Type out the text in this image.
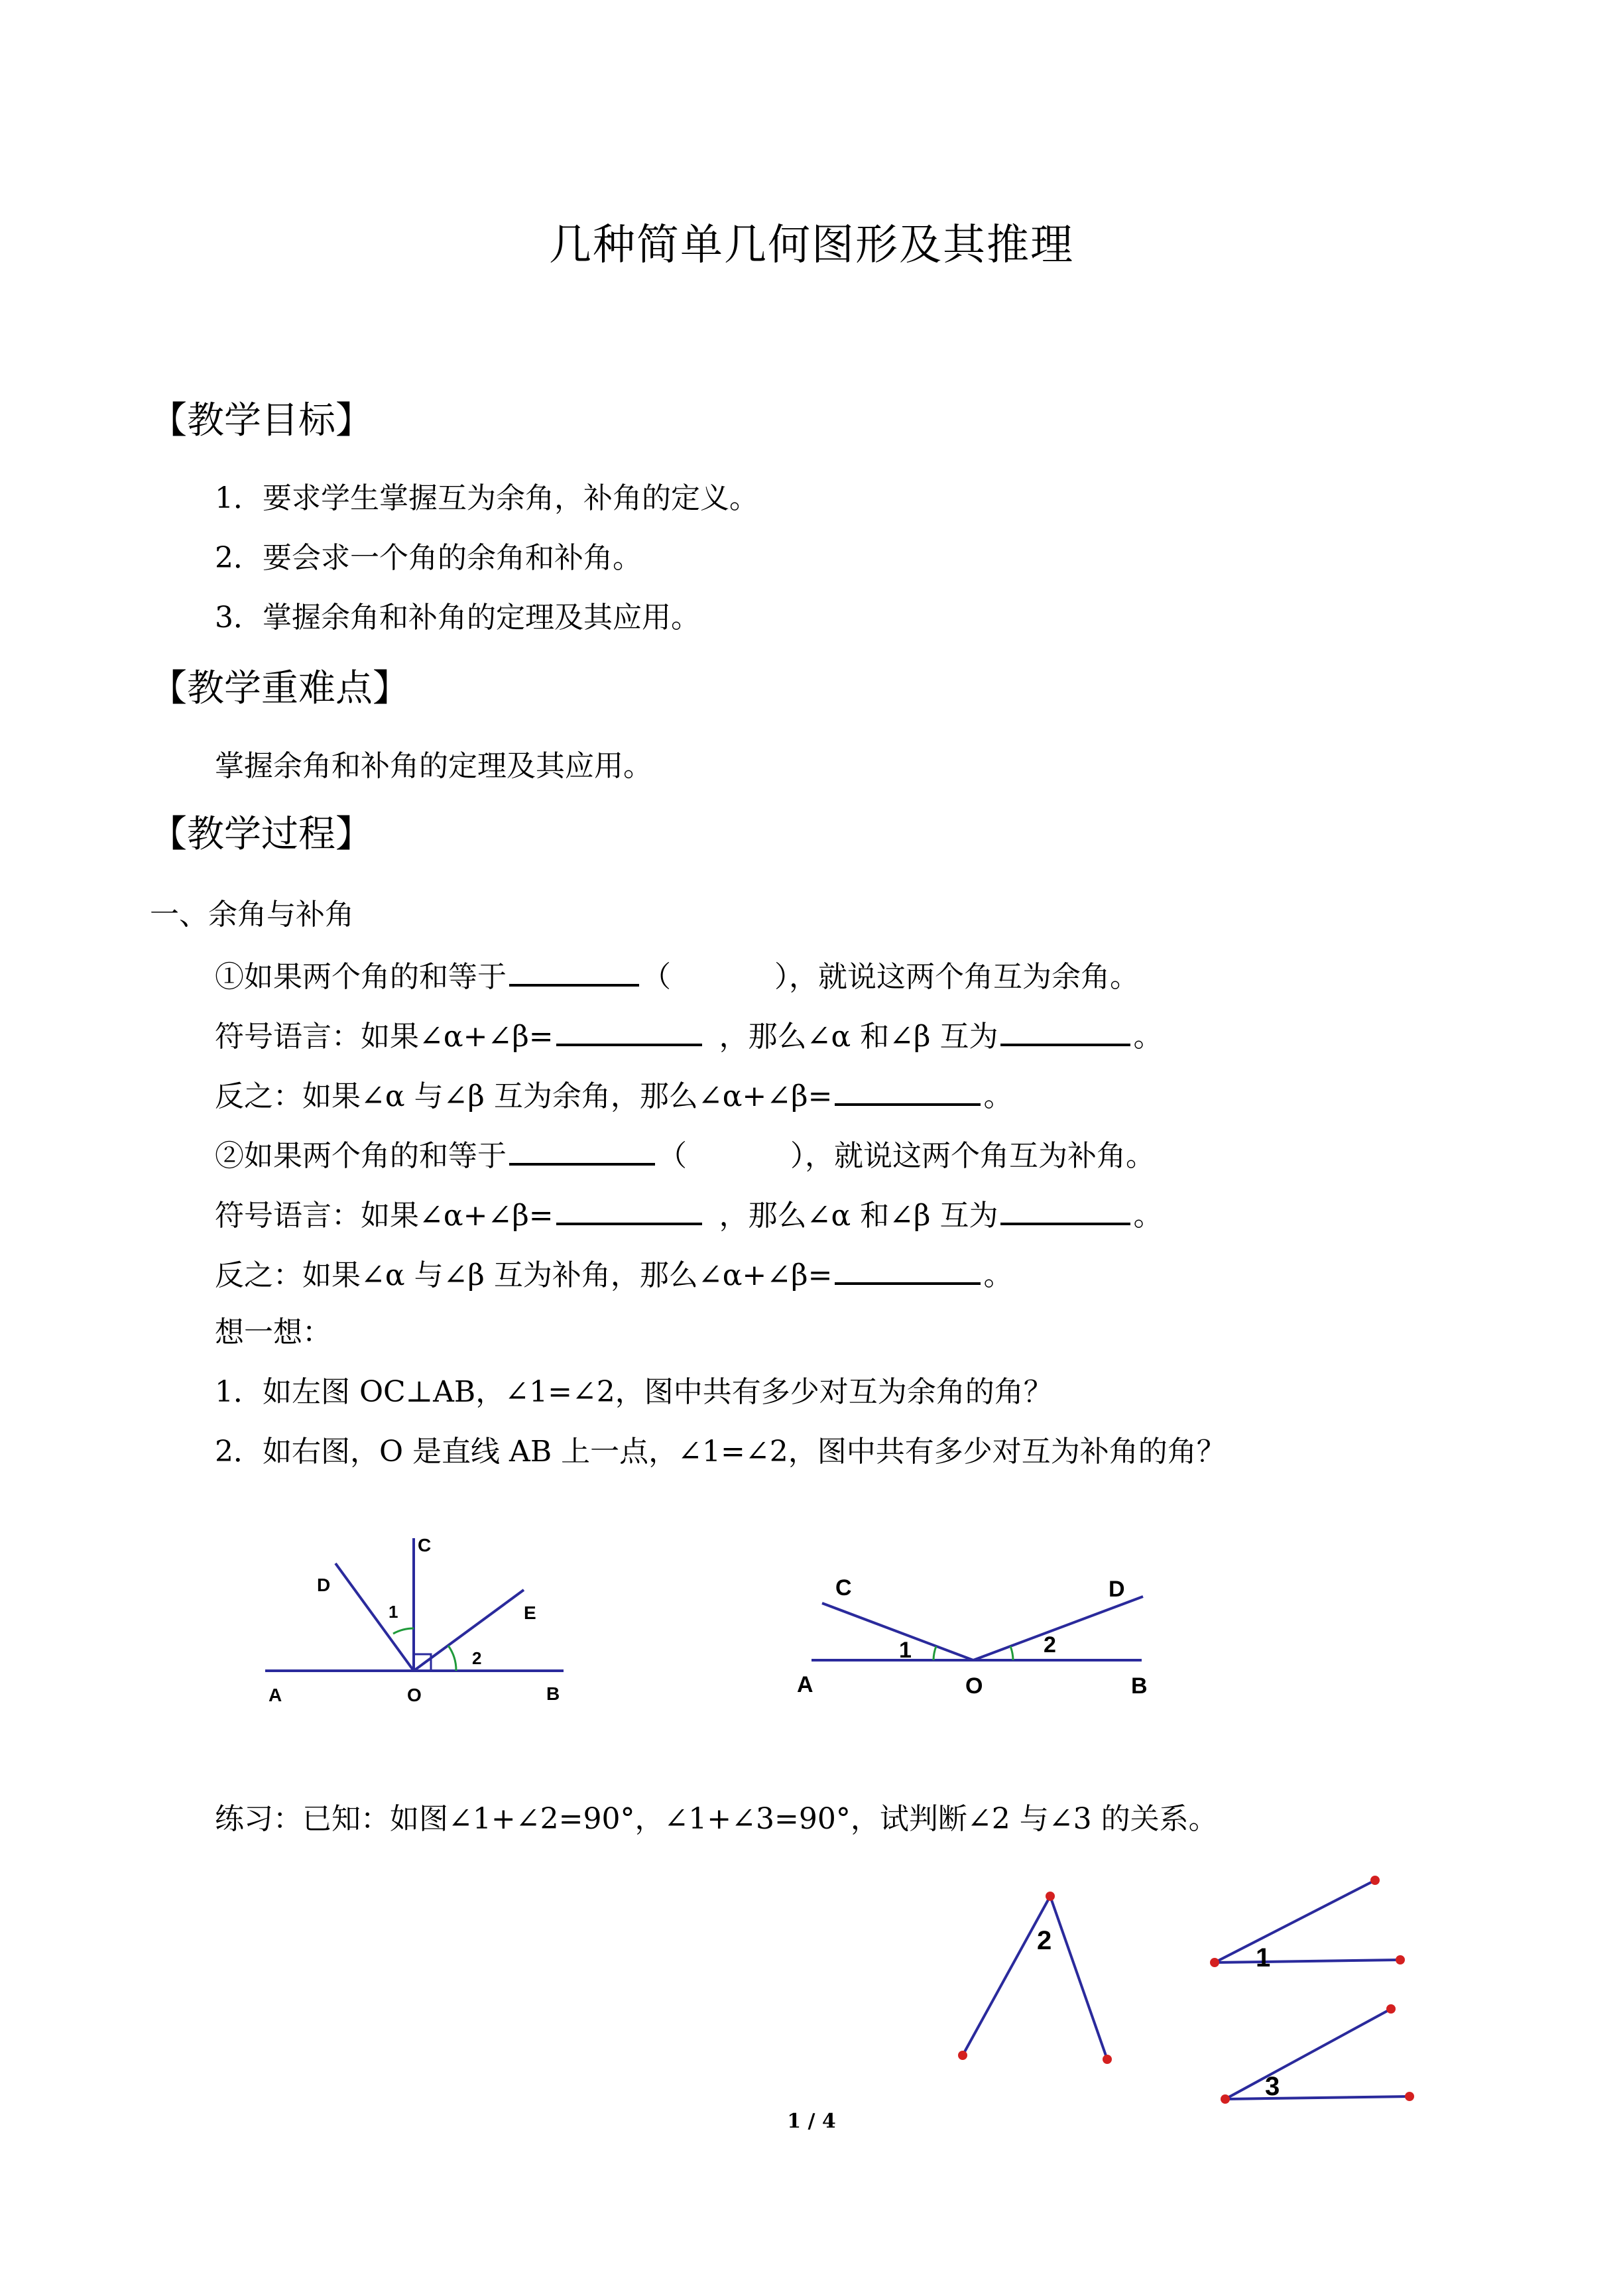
几种简单几何图形及其推理
【教学目标】
1．要求学生掌握互为余角，补角的定义。
2．要会求一个角的余角和补角。
3．掌握余角和补角的定理及其应用。
【教学重难点】
掌握余角和补角的定理及其应用。
【教学过程】
一、余角与补角
①如果两个角的和等于	（	），就说这两个角互为余角。
符号语言：如果∠α+∠β=	，那么∠α 和∠β 互为	。
反之：如果∠α 与∠β 互为余角，那么∠α+∠β=	。
②如果两个角的和等于	（	），就说这两个角互为补角。
符号语言：如果∠α+∠β=	，那么∠α 和∠β 互为	。
反之：如果∠α 与∠β 互为补角，那么∠α+∠β=	。
想一想：
1．如左图 OC⊥AB，∠1=∠2，图中共有多少对互为余角的角？
2．如右图，O 是直线 AB 上一点，∠1=∠2，图中共有多少对互为补角的角？
练习：已知：如图∠1+∠2=90°，∠1+∠3=90°，试判断∠2 与∠3 的关系。
1 / 4
C
D
E
A	O	B
1
2
C	D
A	O	B
1	2
2
1
3
